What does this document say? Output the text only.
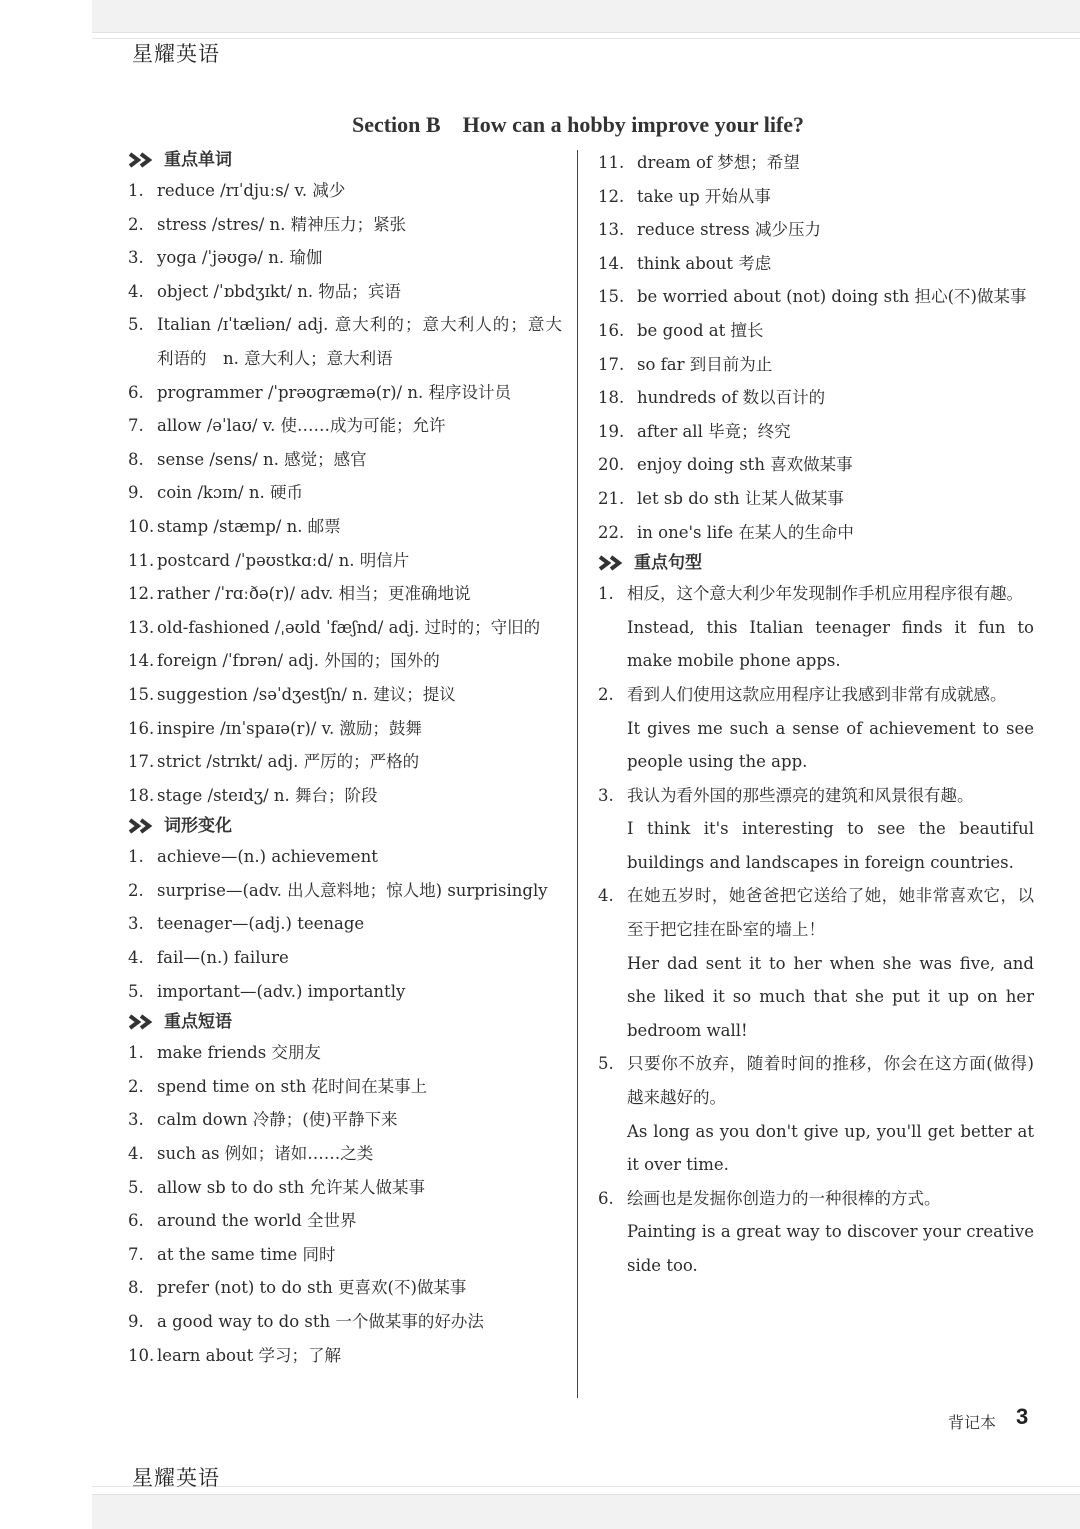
星耀英语
Section B How can a hobby improve your life?
重点单词
1. reduce /rɪˈdjuːs/ v. 减少
2. stress /stres/ n. 精神压力；紧张
3. yoga /ˈjəʊɡə/ n. 瑜伽
4. object /ˈɒbdʒɪkt/ n. 物品；宾语
5. Italian /ɪˈtæliən/ adj. 意大利的；意大利人的；意大利语的　n. 意大利人；意大利语
6. programmer /ˈprəʊɡræmə(r)/ n. 程序设计员
7. allow /əˈlaʊ/ v. 使……成为可能；允许
8. sense /sens/ n. 感觉；感官
9. coin /kɔɪn/ n. 硬币
10. stamp /stæmp/ n. 邮票
11. postcard /ˈpəʊstkɑːd/ n. 明信片
12. rather /ˈrɑːðə(r)/ adv. 相当；更准确地说
13. old-fashioned /ˌəʊld ˈfæʃnd/ adj. 过时的；守旧的
14. foreign /ˈfɒrən/ adj. 外国的；国外的
15. suggestion /səˈdʒestʃn/ n. 建议；提议
16. inspire /ɪnˈspaɪə(r)/ v. 激励；鼓舞
17. strict /strɪkt/ adj. 严厉的；严格的
18. stage /steɪdʒ/ n. 舞台；阶段
词形变化
1. achieve—(n.) achievement
2. surprise—(adv. 出人意料地；惊人地) surprisingly
3. teenager—(adj.) teenage
4. fail—(n.) failure
5. important—(adv.) importantly
重点短语
1. make friends 交朋友
2. spend time on sth 花时间在某事上
3. calm down 冷静；(使)平静下来
4. such as 例如；诸如……之类
5. allow sb to do sth 允许某人做某事
6. around the world 全世界
7. at the same time 同时
8. prefer (not) to do sth 更喜欢(不)做某事
9. a good way to do sth 一个做某事的好办法
10. learn about 学习；了解
11. dream of 梦想；希望
12. take up 开始从事
13. reduce stress 减少压力
14. think about 考虑
15. be worried about (not) doing sth 担心(不)做某事
16. be good at 擅长
17. so far 到目前为止
18. hundreds of 数以百计的
19. after all 毕竟；终究
20. enjoy doing sth 喜欢做某事
21. let sb do sth 让某人做某事
22. in one's life 在某人的生命中
重点句型
1. 相反，这个意大利少年发现制作手机应用程序很有趣。
Instead, this Italian teenager finds it fun to make mobile phone apps.
2. 看到人们使用这款应用程序让我感到非常有成就感。
It gives me such a sense of achievement to see people using the app.
3. 我认为看外国的那些漂亮的建筑和风景很有趣。
I think it's interesting to see the beautiful buildings and landscapes in foreign countries.
4. 在她五岁时，她爸爸把它送给了她，她非常喜欢它，以至于把它挂在卧室的墙上！
Her dad sent it to her when she was five, and she liked it so much that she put it up on her bedroom wall!
5. 只要你不放弃，随着时间的推移，你会在这方面(做得)越来越好的。
As long as you don't give up, you'll get better at it over time.
6. 绘画也是发掘你创造力的一种很棒的方式。
Painting is a great way to discover your creative side too.
背记本 3
星耀英语
